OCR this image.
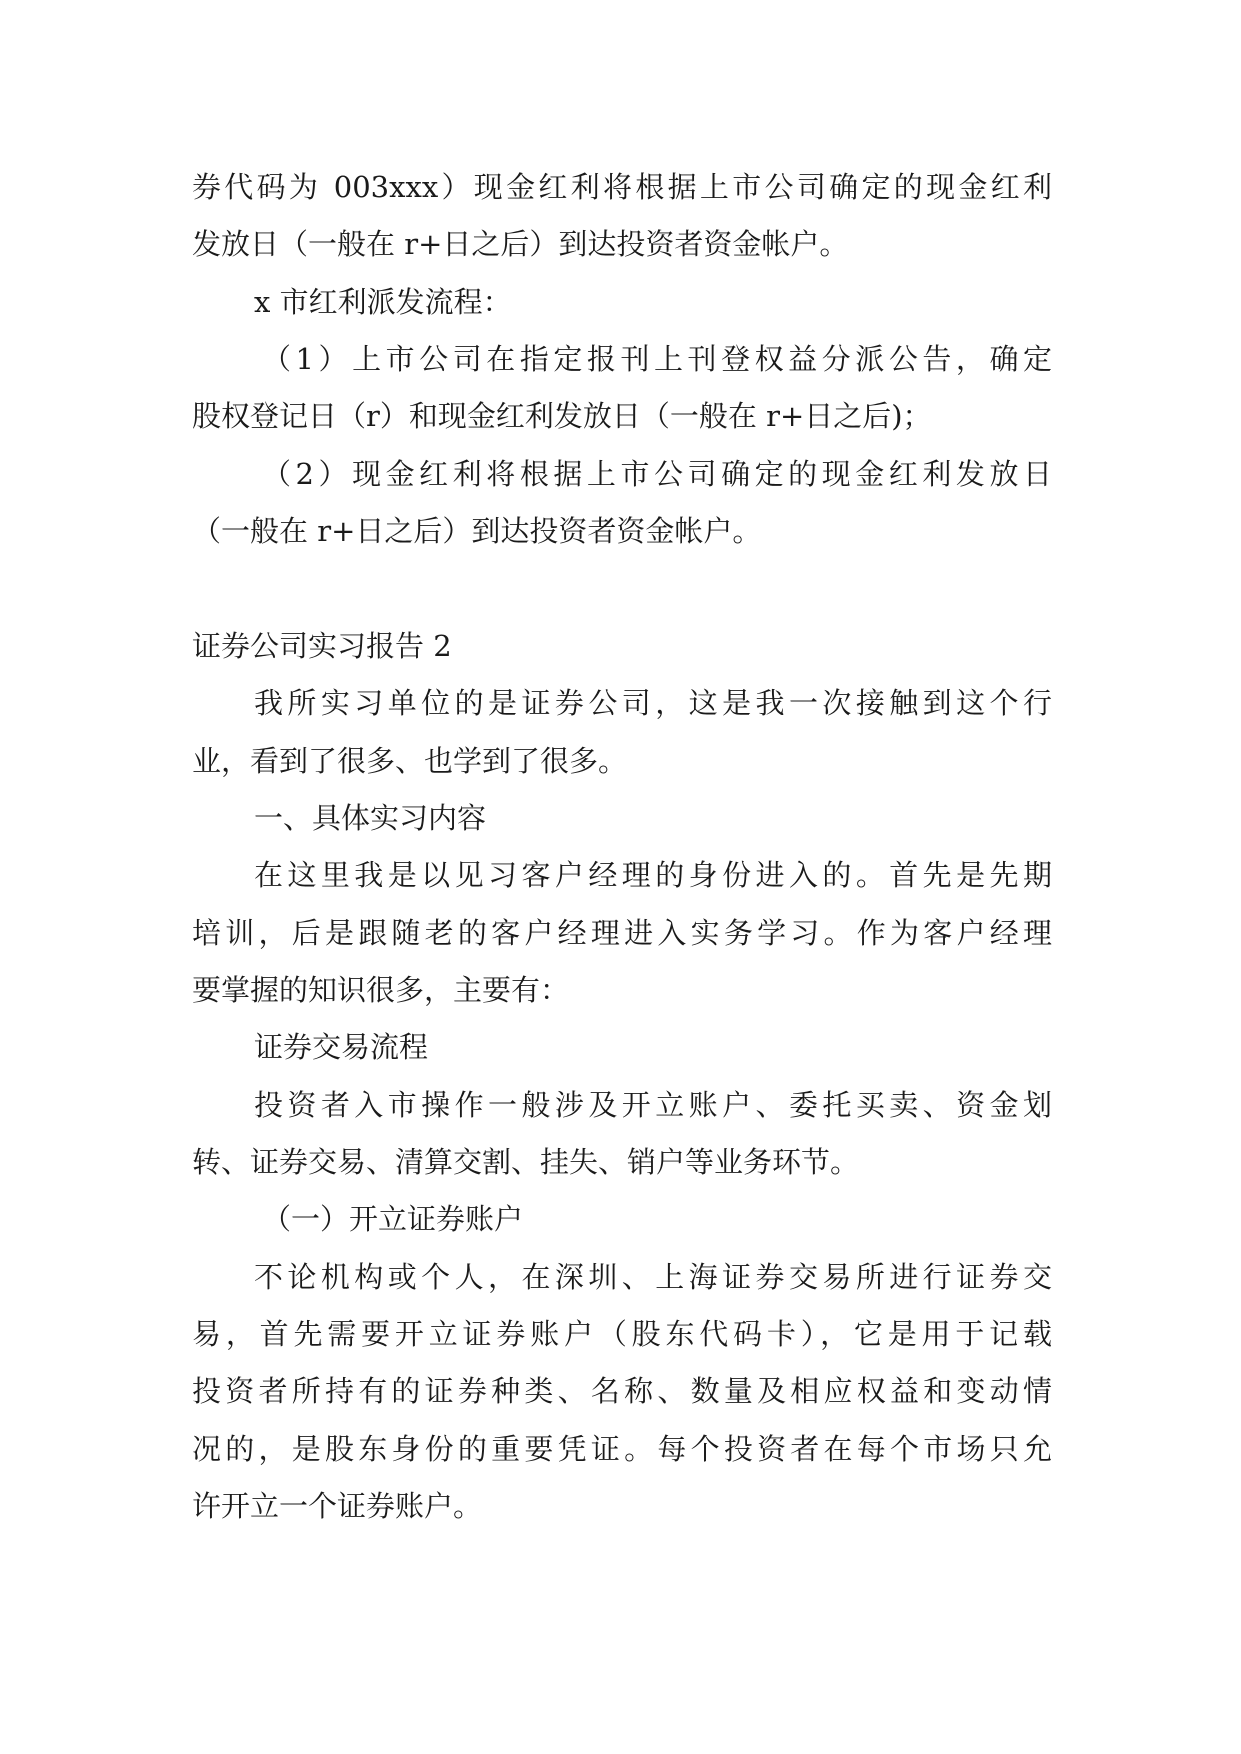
券代码为 003xxx）现金红利将根据上市公司确定的现金红利
发放日（一般在 r+日之后）到达投资者资金帐户。
x 市红利派发流程：
（1）上市公司在指定报刊上刊登权益分派公告，确定
股权登记日（r）和现金红利发放日（一般在 r+日之后)；
（2）现金红利将根据上市公司确定的现金红利发放日
（一般在 r+日之后）到达投资者资金帐户。
证券公司实习报告 2
我所实习单位的是证券公司，这是我一次接触到这个行
业，看到了很多、也学到了很多。
一、具体实习内容
在这里我是以见习客户经理的身份进入的。首先是先期
培训，后是跟随老的客户经理进入实务学习。作为客户经理
要掌握的知识很多，主要有：
证券交易流程
投资者入市操作一般涉及开立账户、委托买卖、资金划
转、证券交易、清算交割、挂失、销户等业务环节。
（一）开立证券账户
不论机构或个人，在深圳、上海证券交易所进行证券交
易，首先需要开立证券账户（股东代码卡），它是用于记载
投资者所持有的证券种类、名称、数量及相应权益和变动情
况的，是股东身份的重要凭证。每个投资者在每个市场只允
许开立一个证券账户。
